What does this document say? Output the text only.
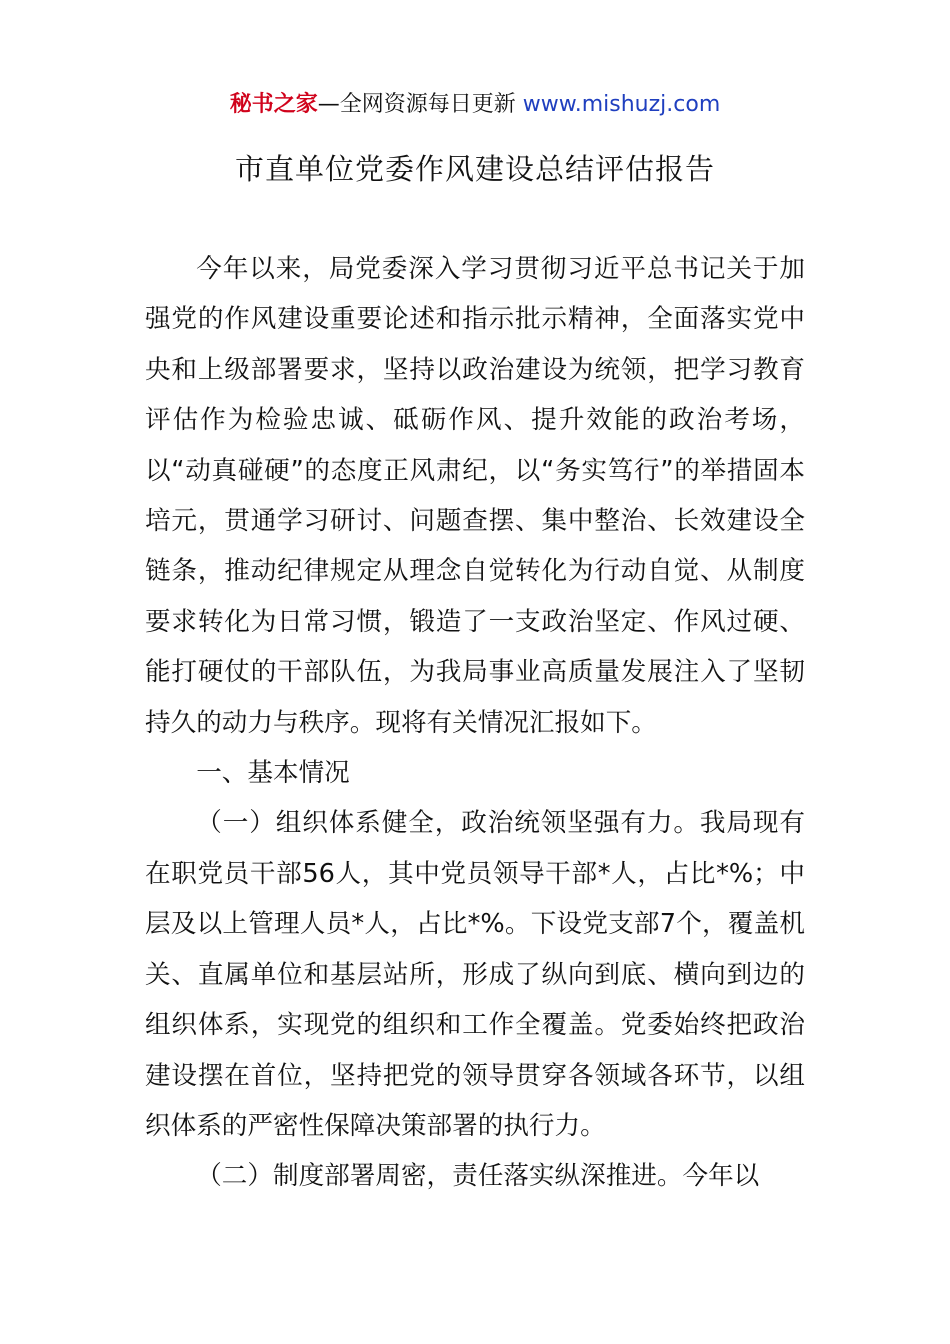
秘书之家—全网资源每日更新 www.mishuzj.com
市直单位党委作风建设总结评估报告

今年以来，局党委深入学习贯彻习近平总书记关于加强党的作风建设重要论述和指示批示精神，全面落实党中央和上级部署要求，坚持以政治建设为统领，把学习教育评估作为检验忠诚、砥砺作风、提升效能的政治考场，以“动真碰硬”的态度正风肃纪，以“务实笃行”的举措固本培元，贯通学习研讨、问题查摆、集中整治、长效建设全链条，推动纪律规定从理念自觉转化为行动自觉、从制度要求转化为日常习惯，锻造了一支政治坚定、作风过硬、能打硬仗的干部队伍，为我局事业高质量发展注入了坚韧持久的动力与秩序。现将有关情况汇报如下。

一、基本情况

（一）组织体系健全，政治统领坚强有力。我局现有在职党员干部56人，其中党员领导干部*人，占比*%；中层及以上管理人员*人，占比*%。下设党支部7个，覆盖机关、直属单位和基层站所，形成了纵向到底、横向到边的组织体系，实现党的组织和工作全覆盖。党委始终把政治建设摆在首位，坚持把党的领导贯穿各领域各环节，以组织体系的严密性保障决策部署的执行力。

（二）制度部署周密，责任落实纵深推进。今年以
